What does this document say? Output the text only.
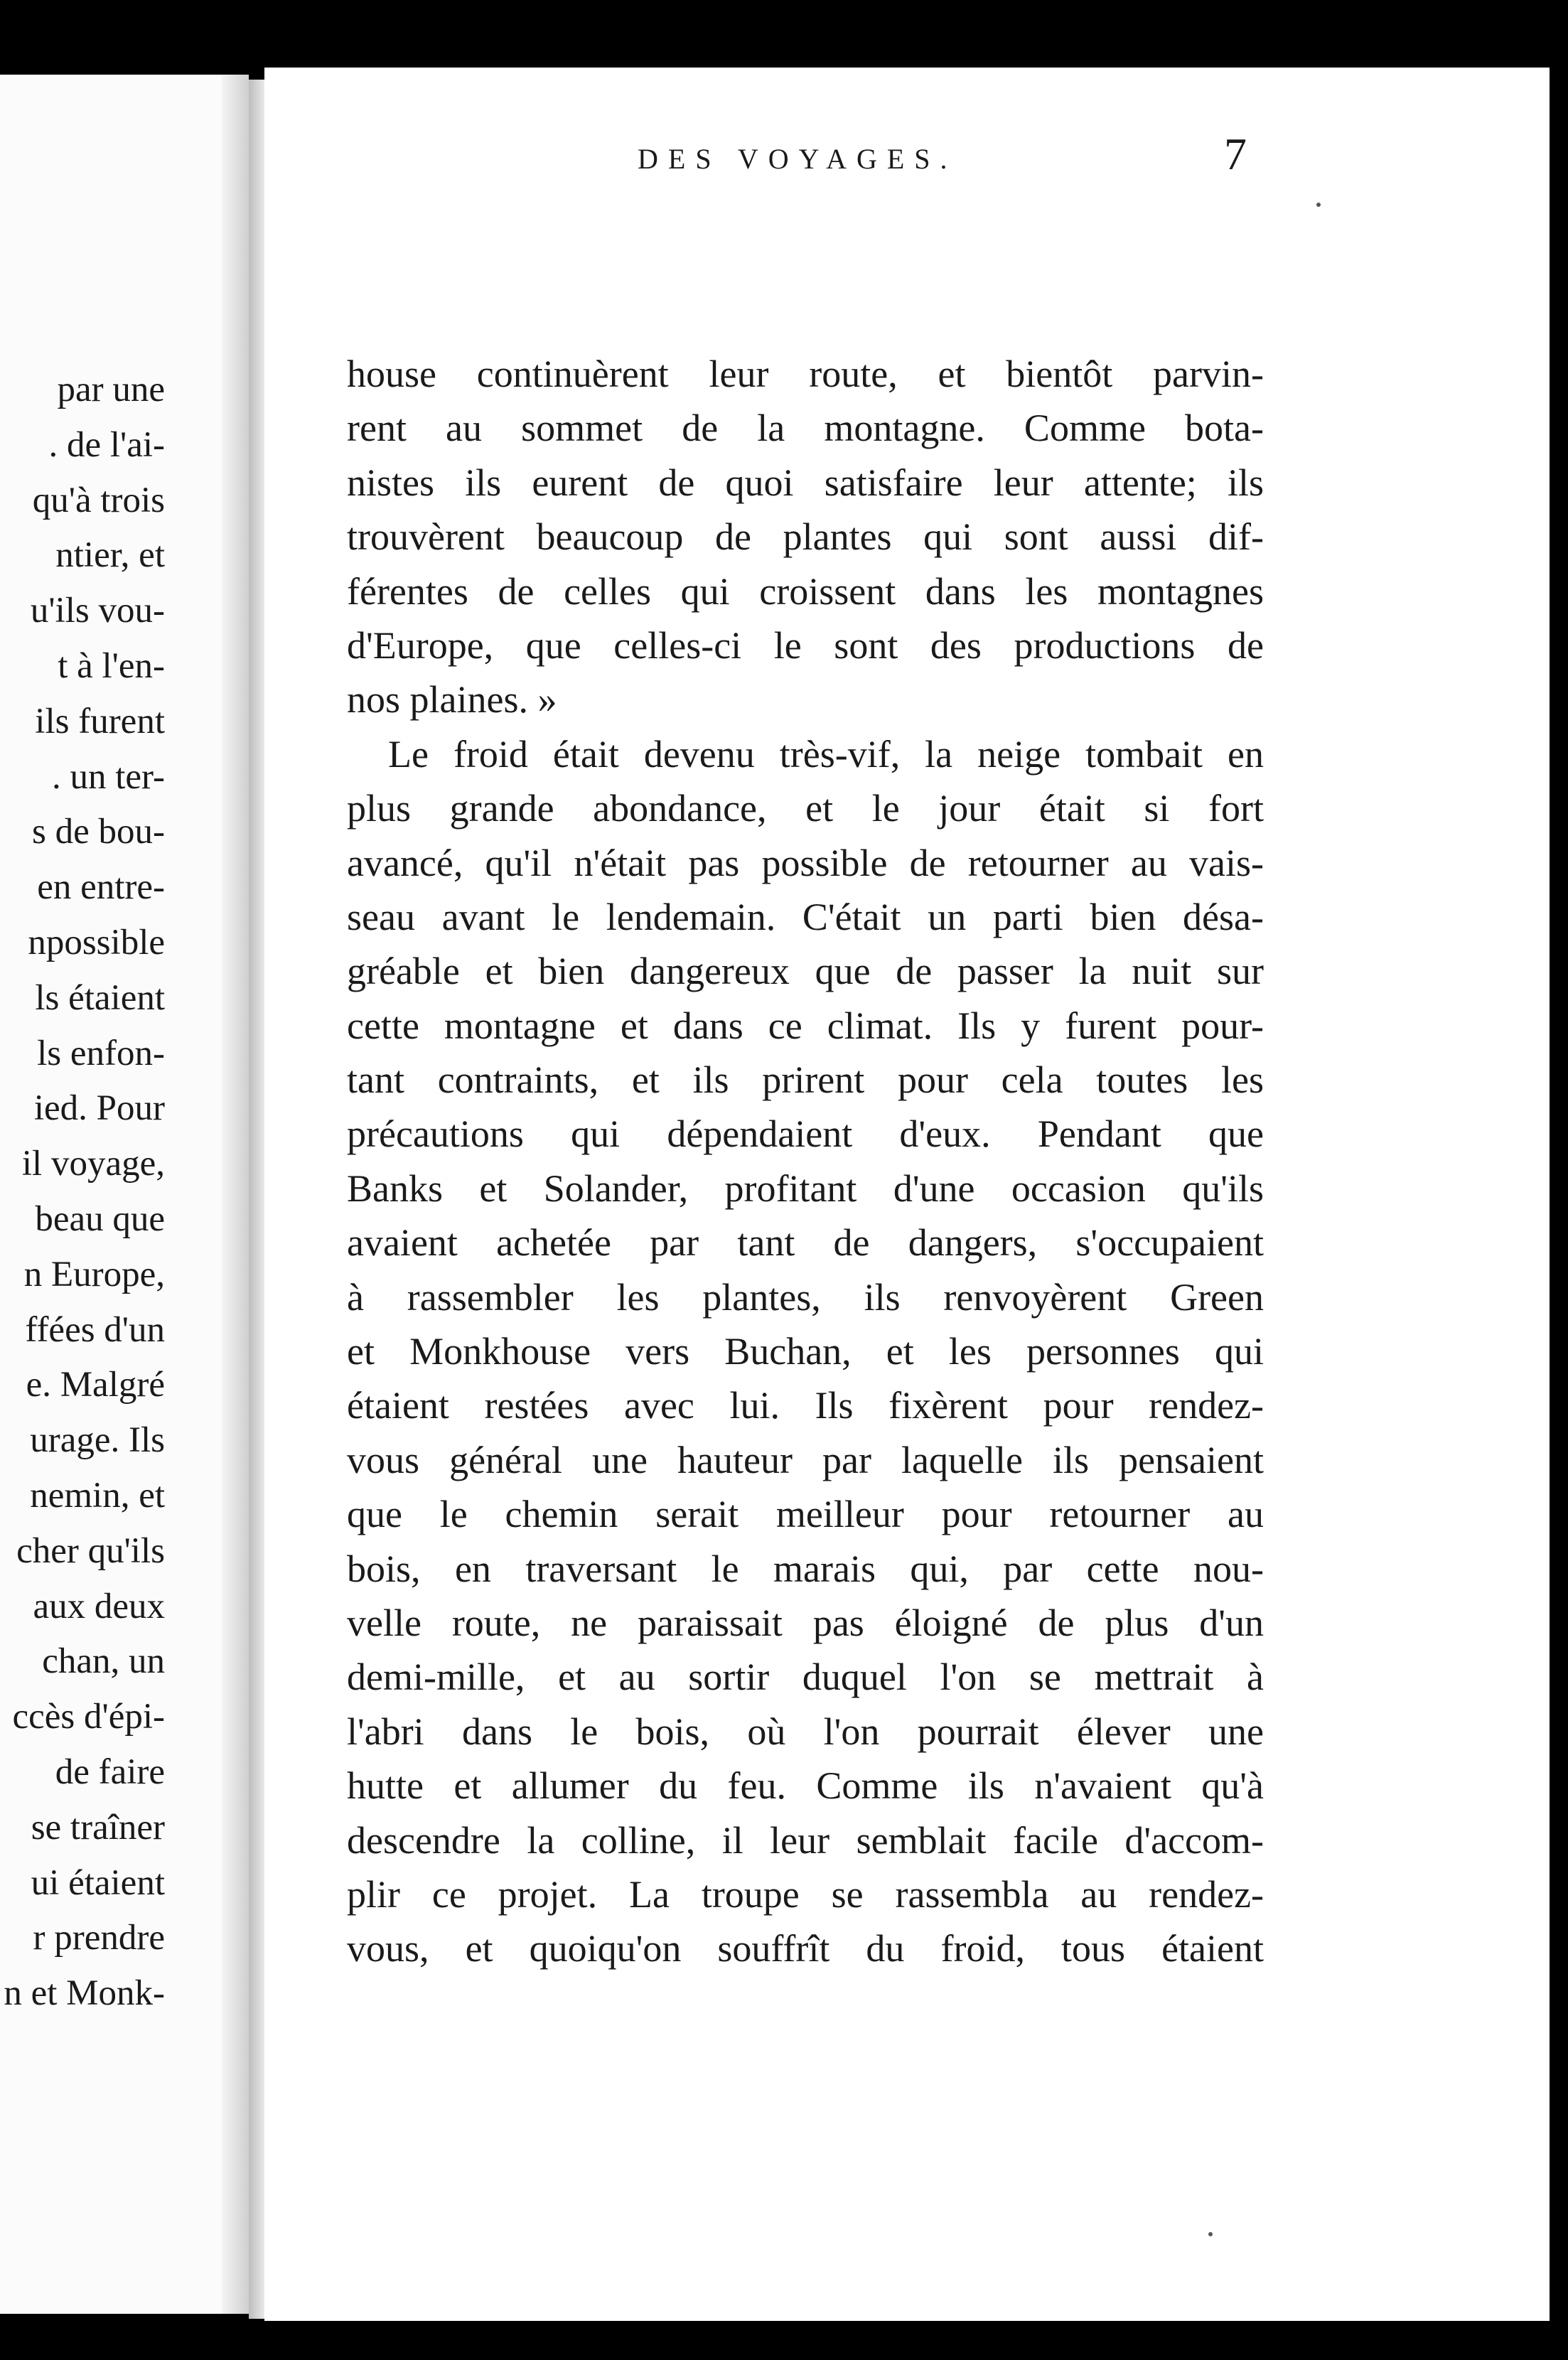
par une
. de l'ai-
qu'à trois
ntier, et
u'ils vou-
t à l'en-
ils furent
. un ter-
s de bou-
en entre-
npossible
ls étaient
ls enfon-
ied. Pour
il voyage,
beau que
n Europe,
ffées d'un
e. Malgré
urage. Ils
nemin, et
cher qu'ils
aux deux
chan, un
ccès d'épi-
de faire
se traîner
ui étaient
r prendre
n et Monk-
DES VOYAGES.	7
house continuèrent leur route, et bientôt parvin-
rent au sommet de la montagne. Comme bota-
nistes ils eurent de quoi satisfaire leur attente; ils
trouvèrent beaucoup de plantes qui sont aussi dif-
férentes de celles qui croissent dans les montagnes
d'Europe, que celles-ci le sont des productions de
nos plaines. »
Le froid était devenu très-vif, la neige tombait en
plus grande abondance, et le jour était si fort
avancé, qu'il n'était pas possible de retourner au vais-
seau avant le lendemain. C'était un parti bien désa-
gréable et bien dangereux que de passer la nuit sur
cette montagne et dans ce climat. Ils y furent pour-
tant contraints, et ils prirent pour cela toutes les
précautions qui dépendaient d'eux. Pendant que
Banks et Solander, profitant d'une occasion qu'ils
avaient achetée par tant de dangers, s'occupaient
à rassembler les plantes, ils renvoyèrent Green
et Monkhouse vers Buchan, et les personnes qui
étaient restées avec lui. Ils fixèrent pour rendez-
vous général une hauteur par laquelle ils pensaient
que le chemin serait meilleur pour retourner au
bois, en traversant le marais qui, par cette nou-
velle route, ne paraissait pas éloigné de plus d'un
demi-mille, et au sortir duquel l'on se mettrait à
l'abri dans le bois, où l'on pourrait élever une
hutte et allumer du feu. Comme ils n'avaient qu'à
descendre la colline, il leur semblait facile d'accom-
plir ce projet. La troupe se rassembla au rendez-
vous, et quoiqu'on souffrît du froid, tous étaient
